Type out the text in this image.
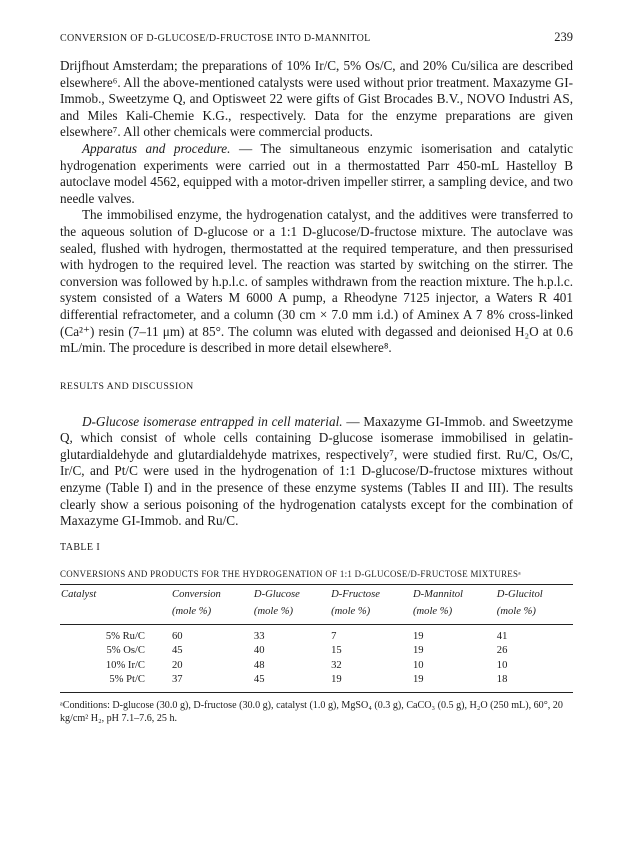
CONVERSION OF D-GLUCOSE/D-FRUCTOSE INTO D-MANNITOL	239

Drijfhout Amsterdam; the preparations of 10% Ir/C, 5% Os/C, and 20% Cu/silica are described elsewhere⁶. All the above-mentioned catalysts were used without prior treatment. Maxazyme GI-Immob., Sweetzyme Q, and Optisweet 22 were gifts of Gist Brocades B.V., NOVO Industri AS, and Miles Kali-Chemie K.G., respectively. Data for the enzyme preparations are given elsewhere⁷. All other chemicals were commercial products.

Apparatus and procedure. — The simultaneous enzymic isomerisation and catalytic hydrogenation experiments were carried out in a thermostatted Parr 450-mL Hastelloy B autoclave model 4562, equipped with a motor-driven impeller stirrer, a sampling device, and two needle valves.

The immobilised enzyme, the hydrogenation catalyst, and the additives were transferred to the aqueous solution of D-glucose or a 1:1 D-glucose/D-fructose mixture. The autoclave was sealed, flushed with hydrogen, thermostatted at the required temperature, and then pressurised with hydrogen to the required level. The reaction was started by switching on the stirrer. The conversion was followed by h.p.l.c. of samples withdrawn from the reaction mixture. The h.p.l.c. system consisted of a Waters M 6000 A pump, a Rheodyne 7125 injector, a Waters R 401 differential refractometer, and a column (30 cm × 7.0 mm i.d.) of Aminex A 7 8% cross-linked (Ca²⁺) resin (7–11 μm) at 85°. The column was eluted with degassed and deionised H₂O at 0.6 mL/min. The procedure is described in more detail elsewhere⁸.

RESULTS AND DISCUSSION

D-Glucose isomerase entrapped in cell material. — Maxazyme GI-Immob. and Sweetzyme Q, which consist of whole cells containing D-glucose isomerase immobilised in gelatin-glutardialdehyde and glutardialdehyde matrixes, respectively⁷, were studied first. Ru/C, Os/C, Ir/C, and Pt/C were used in the hydrogenation of 1:1 D-glucose/D-fructose mixtures without enzyme (Table I) and in the presence of these enzyme systems (Tables II and III). The results clearly show a serious poisoning of the hydrogenation catalysts except for the combination of Maxazyme GI-Immob. and Ru/C.

TABLE I
CONVERSIONS AND PRODUCTS FOR THE HYDROGENATION OF 1:1 D-GLUCOSE/D-FRUCTOSE MIXTURESᵃ
Catalyst	Conversion	D-Glucose	D-Fructose	D-Mannitol	D-Glucitol
	(mole %)	(mole %)	(mole %)	(mole %)	(mole %)
5% Ru/C	60	33	7	19	41
5% Os/C	45	40	15	19	26
10% Ir/C	20	48	32	10	10
5% Pt/C	37	45	19	19	18

ᵃConditions: D-glucose (30.0 g), D-fructose (30.0 g), catalyst (1.0 g), MgSO₄ (0.3 g), CaCO₃ (0.5 g), H₂O (250 mL), 60°, 20 kg/cm² H₂, pH 7.1–7.6, 25 h.
